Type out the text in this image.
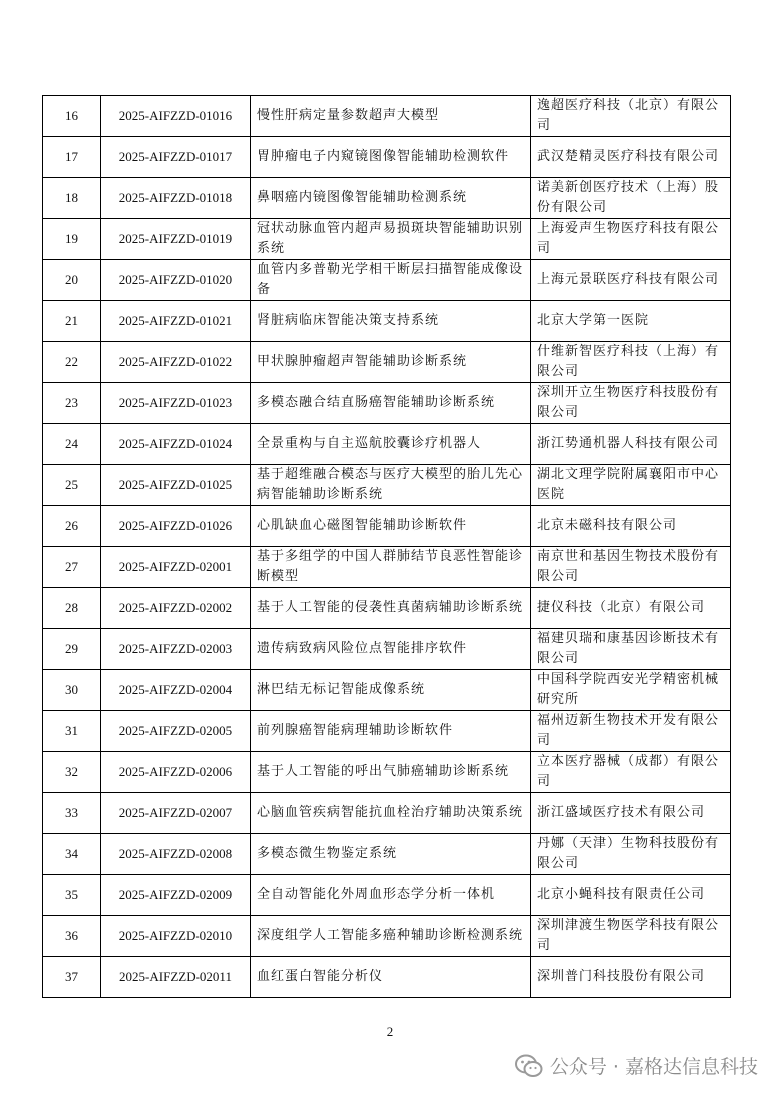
16	2025-AIFZZD-01016	慢性肝病定量参数超声大模型	逸超医疗科技（北京）有限公司
17	2025-AIFZZD-01017	胃肿瘤电子内窥镜图像智能辅助检测软件	武汉楚精灵医疗科技有限公司
18	2025-AIFZZD-01018	鼻咽癌内镜图像智能辅助检测系统	诺美新创医疗技术（上海）股份有限公司
19	2025-AIFZZD-01019	冠状动脉血管内超声易损斑块智能辅助识别系统	上海爱声生物医疗科技有限公司
20	2025-AIFZZD-01020	血管内多普勒光学相干断层扫描智能成像设备	上海元景联医疗科技有限公司
21	2025-AIFZZD-01021	肾脏病临床智能决策支持系统	北京大学第一医院
22	2025-AIFZZD-01022	甲状腺肿瘤超声智能辅助诊断系统	什维新智医疗科技（上海）有限公司
23	2025-AIFZZD-01023	多模态融合结直肠癌智能辅助诊断系统	深圳开立生物医疗科技股份有限公司
24	2025-AIFZZD-01024	全景重构与自主巡航胶囊诊疗机器人	浙江势通机器人科技有限公司
25	2025-AIFZZD-01025	基于超维融合模态与医疗大模型的胎儿先心病智能辅助诊断系统	湖北文理学院附属襄阳市中心医院
26	2025-AIFZZD-01026	心肌缺血心磁图智能辅助诊断软件	北京未磁科技有限公司
27	2025-AIFZZD-02001	基于多组学的中国人群肺结节良恶性智能诊断模型	南京世和基因生物技术股份有限公司
28	2025-AIFZZD-02002	基于人工智能的侵袭性真菌病辅助诊断系统	捷仪科技（北京）有限公司
29	2025-AIFZZD-02003	遗传病致病风险位点智能排序软件	福建贝瑞和康基因诊断技术有限公司
30	2025-AIFZZD-02004	淋巴结无标记智能成像系统	中国科学院西安光学精密机械研究所
31	2025-AIFZZD-02005	前列腺癌智能病理辅助诊断软件	福州迈新生物技术开发有限公司
32	2025-AIFZZD-02006	基于人工智能的呼出气肺癌辅助诊断系统	立本医疗器械（成都）有限公司
33	2025-AIFZZD-02007	心脑血管疾病智能抗血栓治疗辅助决策系统	浙江盛域医疗技术有限公司
34	2025-AIFZZD-02008	多模态微生物鉴定系统	丹娜（天津）生物科技股份有限公司
35	2025-AIFZZD-02009	全自动智能化外周血形态学分析一体机	北京小蝇科技有限责任公司
36	2025-AIFZZD-02010	深度组学人工智能多癌种辅助诊断检测系统	深圳津渡生物医学科技有限公司
37	2025-AIFZZD-02011	血红蛋白智能分析仪	深圳普门科技股份有限公司
2
公众号 · 嘉格达信息科技
